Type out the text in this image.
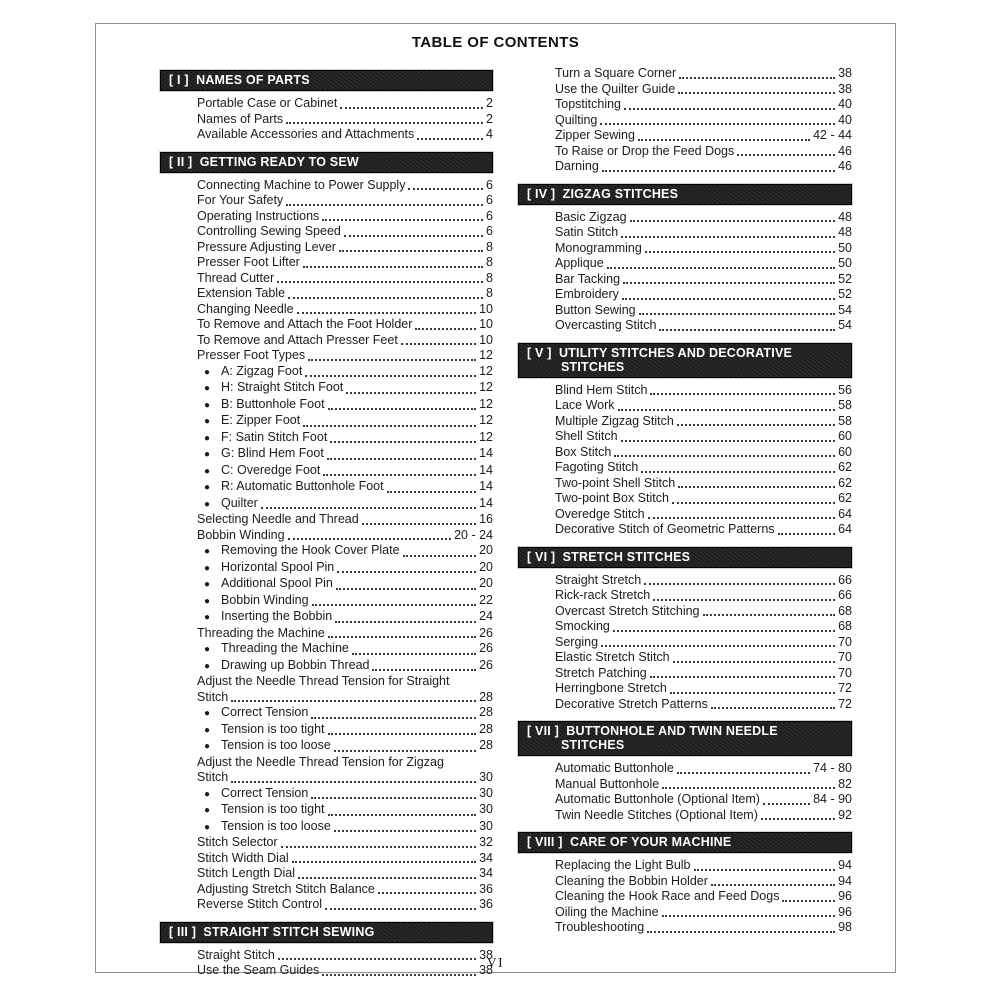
TABLE OF CONTENTS
[ I ]  NAMES OF PARTS
Portable Case or Cabinet	2
Names of Parts	2
Available Accessories and Attachments	4
[ II ]  GETTING READY TO SEW
Connecting Machine to Power Supply	6
For Your Safety	6
Operating Instructions	6
Controlling Sewing Speed	6
Pressure Adjusting Lever	8
Presser Foot Lifter	8
Thread Cutter	8
Extension Table	8
Changing Needle	10
To Remove and Attach the Foot Holder	10
To Remove and Attach Presser Feet	10
Presser Foot Types	12
● A: Zigzag Foot	12
● H: Straight Stitch Foot	12
● B: Buttonhole Foot	12
● E: Zipper Foot	12
● F: Satin Stitch Foot	12
● G: Blind Hem Foot	14
● C: Overedge Foot	14
● R: Automatic Buttonhole Foot	14
● Quilter	14
Selecting Needle and Thread	16
Bobbin Winding	20 - 24
● Removing the Hook Cover Plate	20
● Horizontal Spool Pin	20
● Additional Spool Pin	20
● Bobbin Winding	22
● Inserting the Bobbin	24
Threading the Machine	26
● Threading the Machine	26
● Drawing up Bobbin Thread	26
Adjust the Needle Thread Tension for Straight
Stitch	28
● Correct Tension	28
● Tension is too tight	28
● Tension is too loose	28
Adjust the Needle Thread Tension for Zigzag
Stitch	30
● Correct Tension	30
● Tension is too tight	30
● Tension is too loose	30
Stitch Selector	32
Stitch Width Dial	34
Stitch Length Dial	34
Adjusting Stretch Stitch Balance	36
Reverse Stitch Control	36
[ III ]  STRAIGHT STITCH SEWING
Straight Stitch	38
Use the Seam Guides	38
Turn a Square Corner	38
Use the Quilter Guide	38
Topstitching	40
Quilting	40
Zipper Sewing	42 - 44
To Raise or Drop the Feed Dogs	46
Darning	46
[ IV ]  ZIGZAG STITCHES
Basic Zigzag	48
Satin Stitch	48
Monogramming	50
Applique	50
Bar Tacking	52
Embroidery	52
Button Sewing	54
Overcasting Stitch	54
[ V ]  UTILITY STITCHES AND DECORATIVE
STITCHES
Blind Hem Stitch	56
Lace Work	58
Multiple Zigzag Stitch	58
Shell Stitch	60
Box Stitch	60
Fagoting Stitch	62
Two-point Shell Stitch	62
Two-point Box Stitch	62
Overedge Stitch	64
Decorative Stitch of Geometric Patterns	64
[ VI ]  STRETCH STITCHES
Straight Stretch	66
Rick-rack Stretch	66
Overcast Stretch Stitching	68
Smocking	68
Serging	70
Elastic Stretch Stitch	70
Stretch Patching	70
Herringbone Stretch	72
Decorative Stretch Patterns	72
[ VII ]  BUTTONHOLE AND TWIN NEEDLE
STITCHES
Automatic Buttonhole	74 - 80
Manual Buttonhole	82
Automatic Buttonhole (Optional Item)	84 - 90
Twin Needle Stitches (Optional Item)	92
[ VIII ]  CARE OF YOUR MACHINE
Replacing the Light Bulb	94
Cleaning the Bobbin Holder	94
Cleaning the Hook Race and Feed Dogs	96
Oiling the Machine	96
Troubleshooting	98
VI
